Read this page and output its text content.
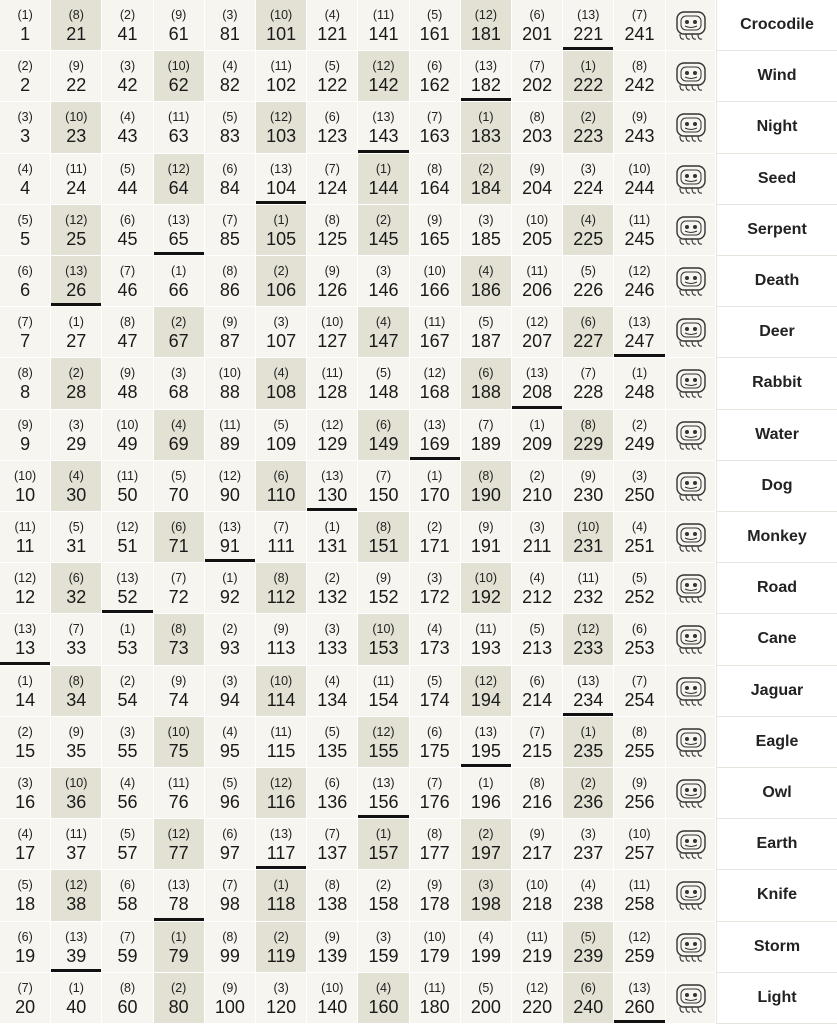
(1)
1
(8)
21
(2)
41
(9)
61
(3)
81
(10)
101
(4)
121
(11)
141
(5)
161
(12)
181
(6)
201
(13)
221
(7)
241	Crocodile
(2)
2
(9)
22
(3)
42
(10)
62
(4)
82
(11)
102
(5)
122
(12)
142
(6)
162
(13)
182
(7)
202
(1)
222
(8)
242	Wind
(3)
3
(10)
23
(4)
43
(11)
63
(5)
83
(12)
103
(6)
123
(13)
143
(7)
163
(1)
183
(8)
203
(2)
223
(9)
243	Night
(4)
4
(11)
24
(5)
44
(12)
64
(6)
84
(13)
104
(7)
124
(1)
144
(8)
164
(2)
184
(9)
204
(3)
224
(10)
244	Seed
(5)
5
(12)
25
(6)
45
(13)
65
(7)
85
(1)
105
(8)
125
(2)
145
(9)
165
(3)
185
(10)
205
(4)
225
(11)
245	Serpent
(6)
6
(13)
26
(7)
46
(1)
66
(8)
86
(2)
106
(9)
126
(3)
146
(10)
166
(4)
186
(11)
206
(5)
226
(12)
246	Death
(7)
7
(1)
27
(8)
47
(2)
67
(9)
87
(3)
107
(10)
127
(4)
147
(11)
167
(5)
187
(12)
207
(6)
227
(13)
247	Deer
(8)
8
(2)
28
(9)
48
(3)
68
(10)
88
(4)
108
(11)
128
(5)
148
(12)
168
(6)
188
(13)
208
(7)
228
(1)
248	Rabbit
(9)
9
(3)
29
(10)
49
(4)
69
(11)
89
(5)
109
(12)
129
(6)
149
(13)
169
(7)
189
(1)
209
(8)
229
(2)
249	Water
(10)
10
(4)
30
(11)
50
(5)
70
(12)
90
(6)
110
(13)
130
(7)
150
(1)
170
(8)
190
(2)
210
(9)
230
(3)
250	Dog
(11)
11
(5)
31
(12)
51
(6)
71
(13)
91
(7)
111
(1)
131
(8)
151
(2)
171
(9)
191
(3)
211
(10)
231
(4)
251	Monkey
(12)
12
(6)
32
(13)
52
(7)
72
(1)
92
(8)
112
(2)
132
(9)
152
(3)
172
(10)
192
(4)
212
(11)
232
(5)
252	Road
(13)
13
(7)
33
(1)
53
(8)
73
(2)
93
(9)
113
(3)
133
(10)
153
(4)
173
(11)
193
(5)
213
(12)
233
(6)
253	Cane
(1)
14
(8)
34
(2)
54
(9)
74
(3)
94
(10)
114
(4)
134
(11)
154
(5)
174
(12)
194
(6)
214
(13)
234
(7)
254	Jaguar
(2)
15
(9)
35
(3)
55
(10)
75
(4)
95
(11)
115
(5)
135
(12)
155
(6)
175
(13)
195
(7)
215
(1)
235
(8)
255	Eagle
(3)
16
(10)
36
(4)
56
(11)
76
(5)
96
(12)
116
(6)
136
(13)
156
(7)
176
(1)
196
(8)
216
(2)
236
(9)
256	Owl
(4)
17
(11)
37
(5)
57
(12)
77
(6)
97
(13)
117
(7)
137
(1)
157
(8)
177
(2)
197
(9)
217
(3)
237
(10)
257	Earth
(5)
18
(12)
38
(6)
58
(13)
78
(7)
98
(1)
118
(8)
138
(2)
158
(9)
178
(3)
198
(10)
218
(4)
238
(11)
258	Knife
(6)
19
(13)
39
(7)
59
(1)
79
(8)
99
(2)
119
(9)
139
(3)
159
(10)
179
(4)
199
(11)
219
(5)
239
(12)
259	Storm
(7)
20
(1)
40
(8)
60
(2)
80
(9)
100
(3)
120
(10)
140
(4)
160
(11)
180
(5)
200
(12)
220
(6)
240
(13)
260	Light
